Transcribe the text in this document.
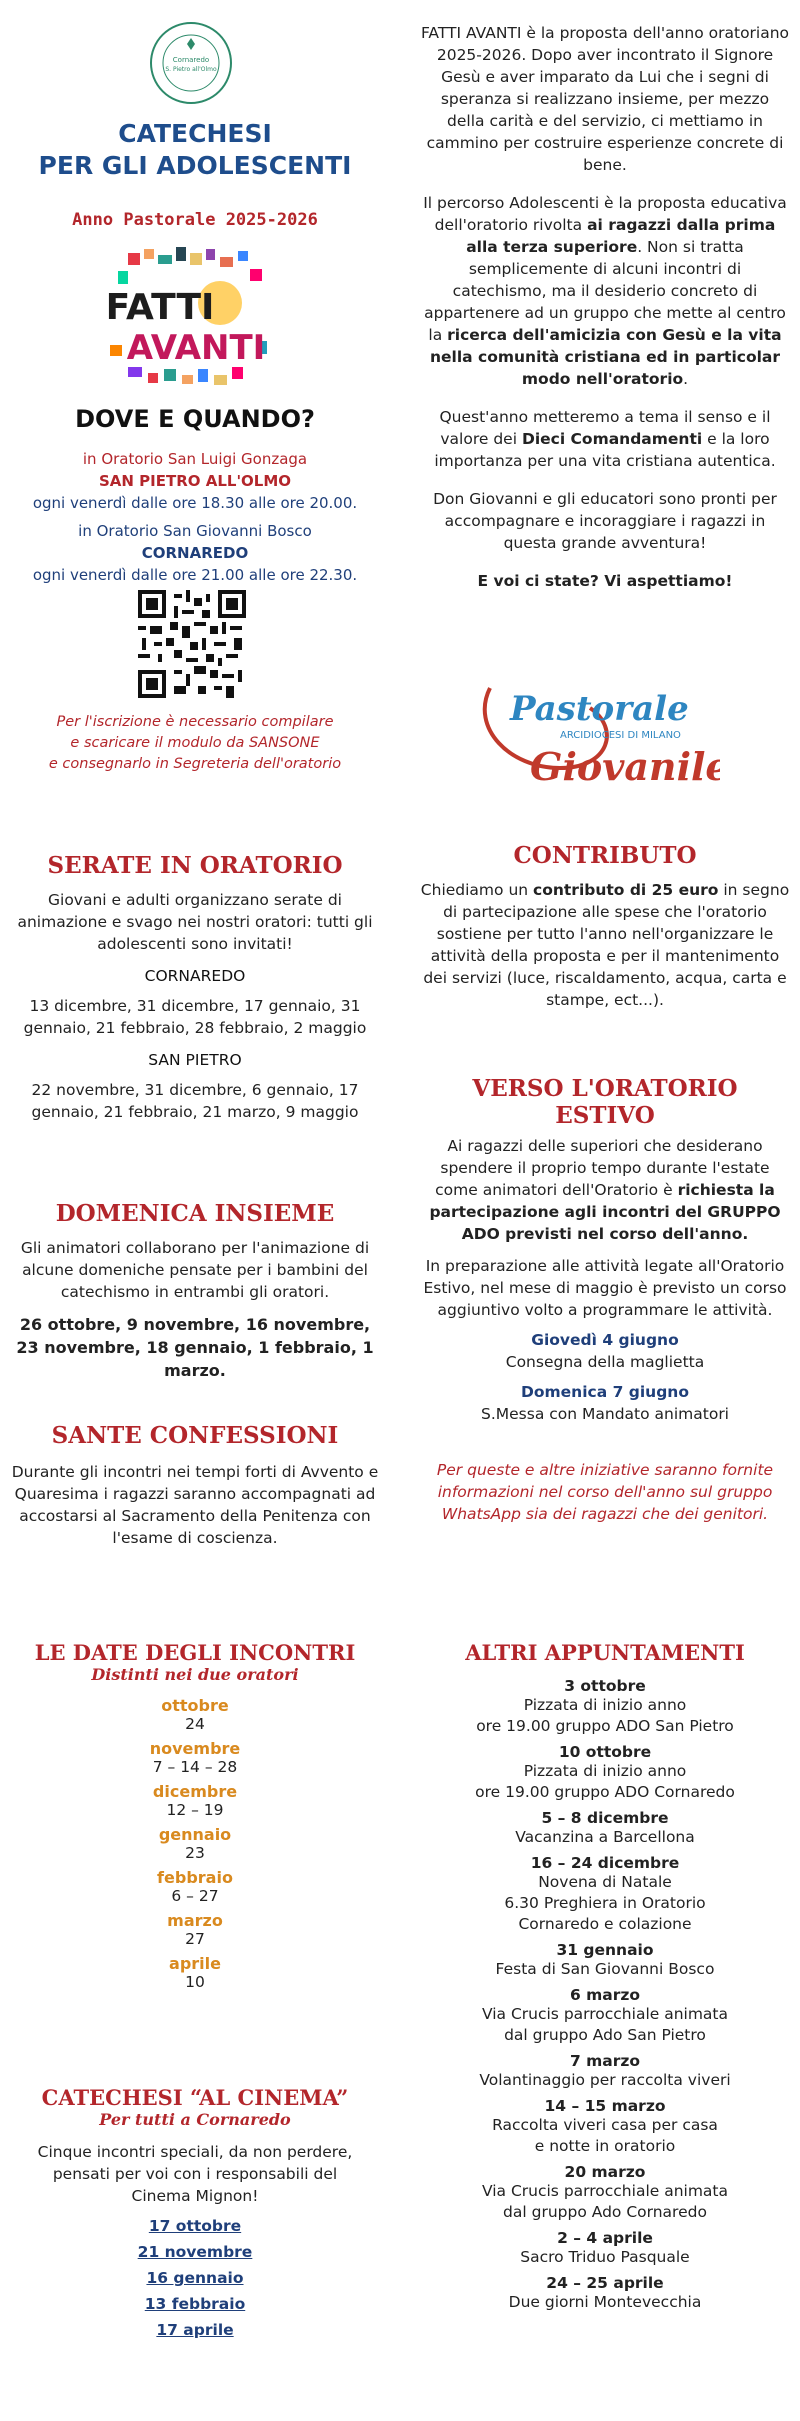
Cornaredo
S. Pietro all'Olmo
CATECHESI
PER GLI ADOLESCENTI
Anno Pastorale 2025-2026
FATTI
AVANTI
DOVE E QUANDO?
in Oratorio San Luigi Gonzaga
SAN PIETRO ALL'OLMO
ogni venerdì dalle ore 18.30 alle ore 20.00.
in Oratorio San Giovanni Bosco
CORNAREDO
ogni venerdì dalle ore 21.00 alle ore 22.30.
Per l'iscrizione è necessario compilare
e scaricare il modulo da SANSONE
e consegnarlo in Segreteria dell'oratorio

FATTI AVANTI è la proposta dell'anno oratoriano 2025-2026. Dopo aver incontrato il Signore Gesù e aver imparato da Lui che i segni di speranza si realizzano insieme, per mezzo della carità e del servizio, ci mettiamo in cammino per costruire esperienze concrete di bene.

Il percorso Adolescenti è la proposta educativa dell'oratorio rivolta ai ragazzi dalla prima alla terza superiore. Non si tratta semplicemente di alcuni incontri di catechismo, ma il desiderio concreto di appartenere ad un gruppo che mette al centro la ricerca dell'amicizia con Gesù e la vita nella comunità cristiana ed in particolar modo nell'oratorio.

Quest'anno metteremo a tema il senso e il valore dei Dieci Comandamenti e la loro importanza per una vita cristiana autentica.

Don Giovanni e gli educatori sono pronti per accompagnare e incoraggiare i ragazzi in questa grande avventura!

E voi ci state? Vi aspettiamo!

Pastorale
ARCIDIOCESI DI MILANO
Giovanile
SERATE IN ORATORIO

Giovani e adulti organizzano serate di animazione e svago nei nostri oratori: tutti gli adolescenti sono invitati!

CORNAREDO

13 dicembre, 31 dicembre, 17 gennaio, 31 gennaio, 21 febbraio, 28 febbraio, 2 maggio

SAN PIETRO

22 novembre, 31 dicembre, 6 gennaio, 17 gennaio, 21 febbraio, 21 marzo, 9 maggio

DOMENICA INSIEME

Gli animatori collaborano per l'animazione di alcune domeniche pensate per i bambini del catechismo in entrambi gli oratori.

26 ottobre, 9 novembre, 16 novembre, 23 novembre, 18 gennaio, 1 febbraio, 1 marzo.

SANTE CONFESSIONI

Durante gli incontri nei tempi forti di Avvento e Quaresima i ragazzi saranno accompagnati ad accostarsi al Sacramento della Penitenza con l'esame di coscienza.

CONTRIBUTO

Chiediamo un contributo di 25 euro in segno di partecipazione alle spese che l'oratorio sostiene per tutto l'anno nell'organizzare le attività della proposta e per il mantenimento dei servizi (luce, riscaldamento, acqua, carta e stampe, ect...).

VERSO L'ORATORIO ESTIVO

Ai ragazzi delle superiori che desiderano spendere il proprio tempo durante l'estate come animatori dell'Oratorio è richiesta la partecipazione agli incontri del GRUPPO ADO previsti nel corso dell'anno.

In preparazione alle attività legate all'Oratorio Estivo, nel mese di maggio è previsto un corso aggiuntivo volto a programmare le attività.

Giovedì 4 giugno
Consegna della maglietta
Domenica 7 giugno
S.Messa con Mandato animatori

Per queste e altre iniziative saranno fornite informazioni nel corso dell'anno sul gruppo WhatsApp sia dei ragazzi che dei genitori.

LE DATE DEGLI INCONTRI
Distinti nei due oratori
ottobre
24
novembre
7 – 14 – 28
dicembre
12 – 19
gennaio
23
febbraio
6 – 27
marzo
27
aprile
10
CATECHESI “AL CINEMA”
Per tutti a Cornaredo

Cinque incontri speciali, da non perdere, pensati per voi con i responsabili del Cinema Mignon!

17 ottobre
21 novembre
16 gennaio
13 febbraio
17 aprile
ALTRI APPUNTAMENTI
3 ottobre
Pizzata di inizio anno
ore 19.00 gruppo ADO San Pietro
10 ottobre
Pizzata di inizio anno
ore 19.00 gruppo ADO Cornaredo
5 – 8 dicembre
Vacanzina a Barcellona
16 – 24 dicembre
Novena di Natale
6.30 Preghiera in Oratorio
Cornaredo e colazione
31 gennaio
Festa di San Giovanni Bosco
6 marzo
Via Crucis parrocchiale animata
dal gruppo Ado San Pietro
7 marzo
Volantinaggio per raccolta viveri
14 – 15 marzo
Raccolta viveri casa per casa
e notte in oratorio
20 marzo
Via Crucis parrocchiale animata
dal gruppo Ado Cornaredo
2 – 4 aprile
Sacro Triduo Pasquale
24 – 25 aprile
Due giorni Montevecchia
